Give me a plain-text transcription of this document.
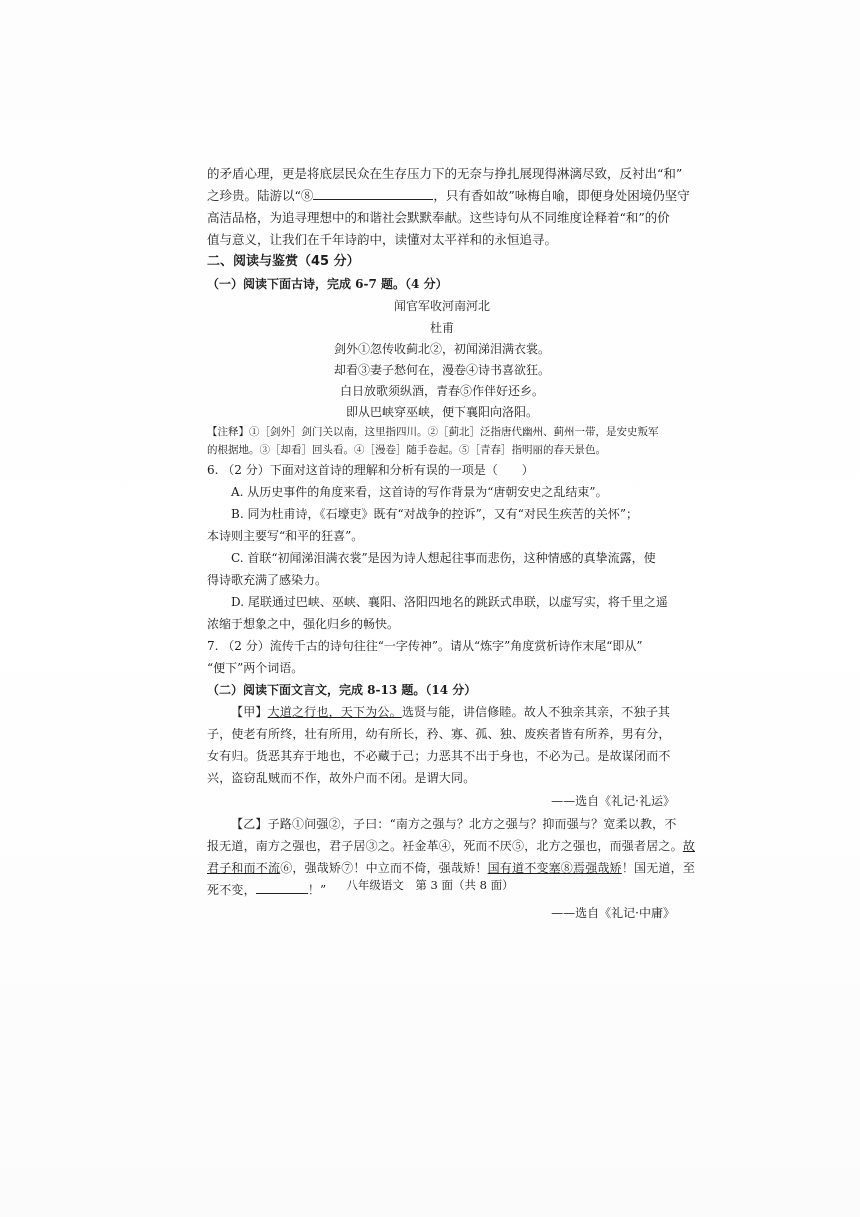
的矛盾心理，更是将底层民众在生存压力下的无奈与挣扎展现得淋漓尽致，反衬出“和”
之珍贵。陆游以“⑧	，只有香如故”咏梅自喻，即便身处困境仍坚守
高洁品格，为追寻理想中的和谐社会默默奉献。这些诗句从不同维度诠释着“和”的价
值与意义，让我们在千年诗韵中，读懂对太平祥和的永恒追寻。
二、阅读与鉴赏（45 分）
（一）阅读下面古诗，完成 6-7 题。（4 分）
闻官军收河南河北
杜甫
剑外①忽传收蓟北②，初闻涕泪满衣裳。
却看③妻子愁何在，漫卷④诗书喜欲狂。
白日放歌须纵酒，青春⑤作伴好还乡。
即从巴峡穿巫峡，便下襄阳向洛阳。
【注释】①［剑外］剑门关以南，这里指四川。②［蓟北］泛指唐代幽州、蓟州一带，是安史叛军
的根据地。③［却看］回头看。④［漫卷］随手卷起。⑤［青春］指明丽的春天景色。
6. （2 分）下面对这首诗的理解和分析有误的一项是（　　）
A. 从历史事件的角度来看，这首诗的写作背景为“唐朝安史之乱结束”。
B. 同为杜甫诗，《石壕吏》既有“对战争的控诉”，又有“对民生疾苦的关怀”；
本诗则主要写“和平的狂喜”。
C. 首联“初闻涕泪满衣裳”是因为诗人想起往事而悲伤，这种情感的真挚流露，使
得诗歌充满了感染力。
D. 尾联通过巴峡、巫峡、襄阳、洛阳四地名的跳跃式串联，以虚写实，将千里之遥
浓缩于想象之中，强化归乡的畅快。
7. （2 分）流传千古的诗句往往“一字传神”。请从“炼字”角度赏析诗作末尾“即从”
“便下”两个词语。
（二）阅读下面文言文，完成 8-13 题。（14 分）
【甲】大道之行也，天下为公。选贤与能，讲信修睦。故人不独亲其亲，不独子其
子，使老有所终，壮有所用，幼有所长，矜、寡、孤、独、废疾者皆有所养，男有分，
女有归。货恶其弃于地也，不必藏于己；力恶其不出于身也，不必为己。是故谋闭而不
兴，盗窃乱贼而不作，故外户而不闭。是谓大同。
——选自《礼记·礼运》
【乙】子路①问强②，子曰：“南方之强与？北方之强与？抑而强与？宽柔以教，不
报无道，南方之强也，君子居③之。衽金革④，死而不厌⑤，北方之强也，而强者居之。故
君子和而不流⑥，强哉矫⑦！中立而不倚，强哉矫！国有道不变塞⑧焉强哉矫！国无道，至
死不变，	！”
——选自《礼记·中庸》
八年级语文　第 3 面（共 8 面）
